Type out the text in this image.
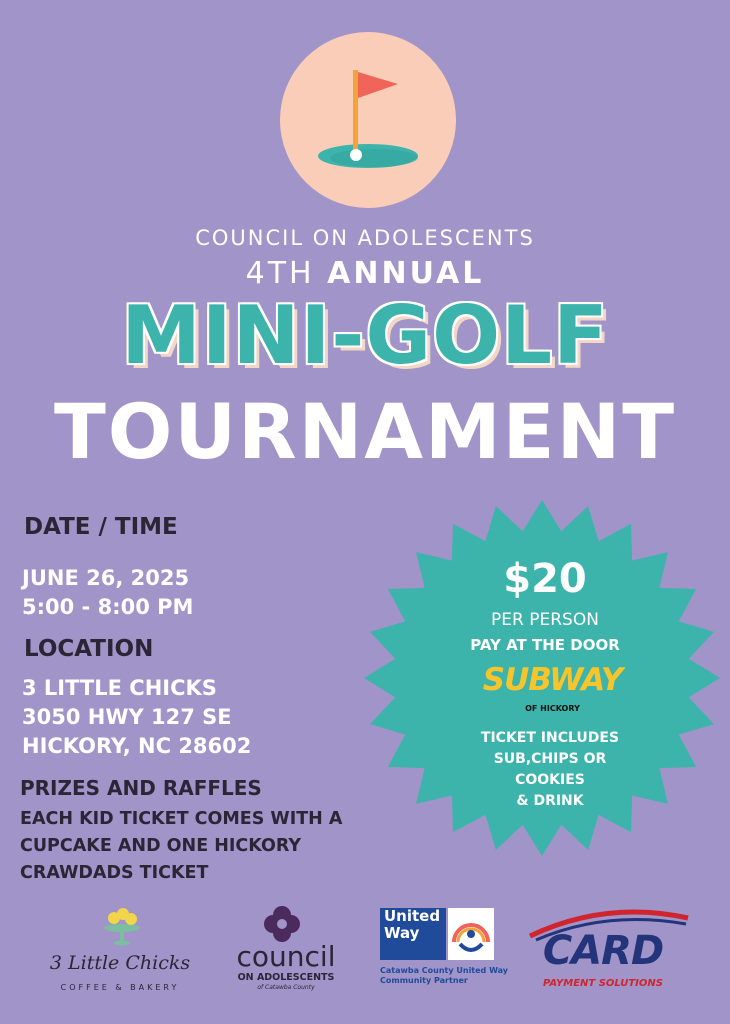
COUNCIL ON ADOLESCENTS
4TH ANNUAL
MINI-GOLF
TOURNAMENT
DATE / TIME
JUNE 26, 2025
5:00 - 8:00 PM
LOCATION
3 LITTLE CHICKS
3050 HWY 127 SE
HICKORY, NC 28602
PRIZES AND RAFFLES
EACH KID TICKET COMES WITH A
CUPCAKE AND ONE HICKORY
CRAWDADS TICKET
$20
PER PERSON
PAY AT THE DOOR
SUBWAY
OF HICKORY
TICKET INCLUDES
SUB,CHIPS OR
COOKIES
& DRINK
3 Little Chicks
COFFEE & BAKERY
council
ON ADOLESCENTS
of Catawba County
United
Way
Catawba County United Way
Community Partner
CARD
PAYMENT SOLUTIONS
